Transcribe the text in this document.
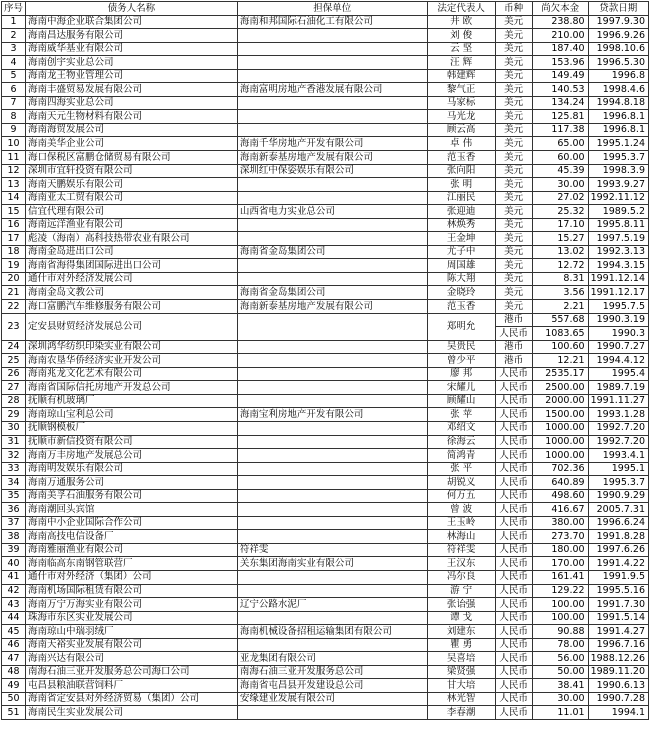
序号	债务人名称	担保单位	法定代表人	币种	尚欠本金	贷款日期
1	海南中海企业联合集团公司	海南和邦国际石油化工有限公司	井 欧	美元	238.80	1997.9.30
2	海南昌达服务有限公司		刘 俊	美元	210.00	1996.9.26
3	海南威华基业有限公司		云 坚	美元	187.40	1998.10.6
4	海南创宇实业总公司		汪 辉	美元	153.96	1996.5.30
5	海南龙王物业管理公司		韩建辉	美元	149.49	1996.8
6	海南丰盛贸易发展有限公司	海南富明房地产香港发展有限公司	黎气正	美元	140.53	1998.4.6
7	海南四海实业总公司		马家标	美元	134.24	1994.8.18
8	海南天元生物材料有限公司		马光龙	美元	125.81	1996.8.1
9	海南海贸发展公司		顾云高	美元	117.38	1996.8.1
10	海南美华企业公司	海南千华房地产开发有限公司	卓 伟	美元	65.00	1995.1.24
11	海口保税区富鹏仓储贸易有限公司	海南新泰基房地产发展有限公司	范玉香	美元	60.00	1995.3.7
12	深圳市宜轩投资有限公司	深圳红中保姿娱乐有限公司	张向阳	美元	45.39	1998.3.9
13	海南天鹏娱乐有限公司		张 明	美元	30.00	1993.9.27
14	海南亚太工贸有限公司		江丽民	美元	27.02	1992.11.12
15	信宜代理有限公司	山西省电力实业总公司	张迎迪	美元	25.32	1989.5.2
16	海南远洋渔业有限公司		林焕秀	美元	17.10	1995.8.11
17	彪凌（海南）高科技热带农业有限公司		王金坤	美元	15.27	1997.5.19
18	海南金岛进出口公司	海南省金岛集团公司	尤子中	美元	13.02	1992.3.13
19	海南省海得集团国际进出口公司		周国雄	美元	12.72	1994.3.15
20	通什市对外经济发展公司		陈大翔	美元	8.31	1991.12.14
21	海南金岛文教公司	海南省金岛集团公司	金晓玲	美元	3.56	1991.12.17
22	海口富鹏汽车维修服务有限公司	海南新泰基房地产发展有限公司	范玉香	美元	2.21	1995.7.5
23	定安县财贸经济发展总公司		郑明允	港币	557.68	1990.3.19
				人民币	1083.65	1990.3
24	深圳鸿华纺织印染实业有限公司		吴贵民	港币	100.60	1990.7.27
25	海南农垦华侨经济实业开发公司		曾少平	港币	12.21	1994.4.12
26	海南兆龙文化艺术有限公司		廖 邦	人民币	2535.17	1995.4
27	海南省国际信托房地产开发总公司		宋耀儿	人民币	2500.00	1989.7.19
28	抚顺有机玻璃厂		顾耀山	人民币	2000.00	1991.11.27
29	海南琼山宝利总公司	海南宝利房地产开发有限公司	张 苹	人民币	1500.00	1993.1.28
30	抚顺钢模板厂		邓绍文	人民币	1000.00	1992.7.20
31	抚顺市新信投资有限公司		徐海云	人民币	1000.00	1992.7.20
32	海南万丰房地产发展总公司		简鸿青	人民币	1000.00	1993.4.1
33	海南明发娱乐有限公司		张 平	人民币	702.36	1995.1
34	海南万通服务公司		胡锐义	人民币	640.89	1995.3.7
35	海南美孚石油服务有限公司		何万五	人民币	498.60	1990.9.29
36	海南潮回头宾馆		曾 波	人民币	416.67	2005.7.31
37	海南中小企业国际合作公司		王玉岭	人民币	380.00	1996.6.24
38	海南高技电信设备厂		林海山	人民币	273.70	1991.8.28
39	海南雅丽渔业有限公司	符祥雯	符祥雯	人民币	180.00	1997.6.26
40	海南临高东南钢管联营厂	关东集团海南实业有限公司	王汉东	人民币	170.00	1991.4.22
41	通什市对外经济（集团）公司		冯尔良	人民币	161.41	1991.9.5
42	海南机场国际租赁有限公司		游 宁	人民币	129.22	1995.5.16
43	海南万宁万海实业有限公司	辽宁公路水泥厂	张诒强	人民币	100.00	1991.7.30
44	珠海市东区实业发展公司		谭 戈	人民币	100.00	1991.5.14
45	海南琼山中瑞羽绒厂	海南机械设备招租运输集团有限公司	刘建东	人民币	90.88	1991.4.27
46	海南天裕实业发展有限公司		瞿 勇	人民币	78.00	1996.7.16
47	海南兴达有限公司	亚龙集团有限公司	吴喜培	人民币	56.00	1988.12.26
48	南海石油三亚开发服务总公司海口公司	南海石油三亚开发服务总公司	梁贤强	人民币	50.00	1989.11.20
49	屯昌县粮油联营饲料厂	海南省屯昌县开发建设总公司	甘大培	人民币	38.41	1990.6.13
50	海南省定安县对外经济贸易（集团）公司	安缘建业发展有限公司	林光智	人民币	30.00	1990.7.28
51	海南民生实业发展公司		李春潮	人民币	11.01	1994.1
